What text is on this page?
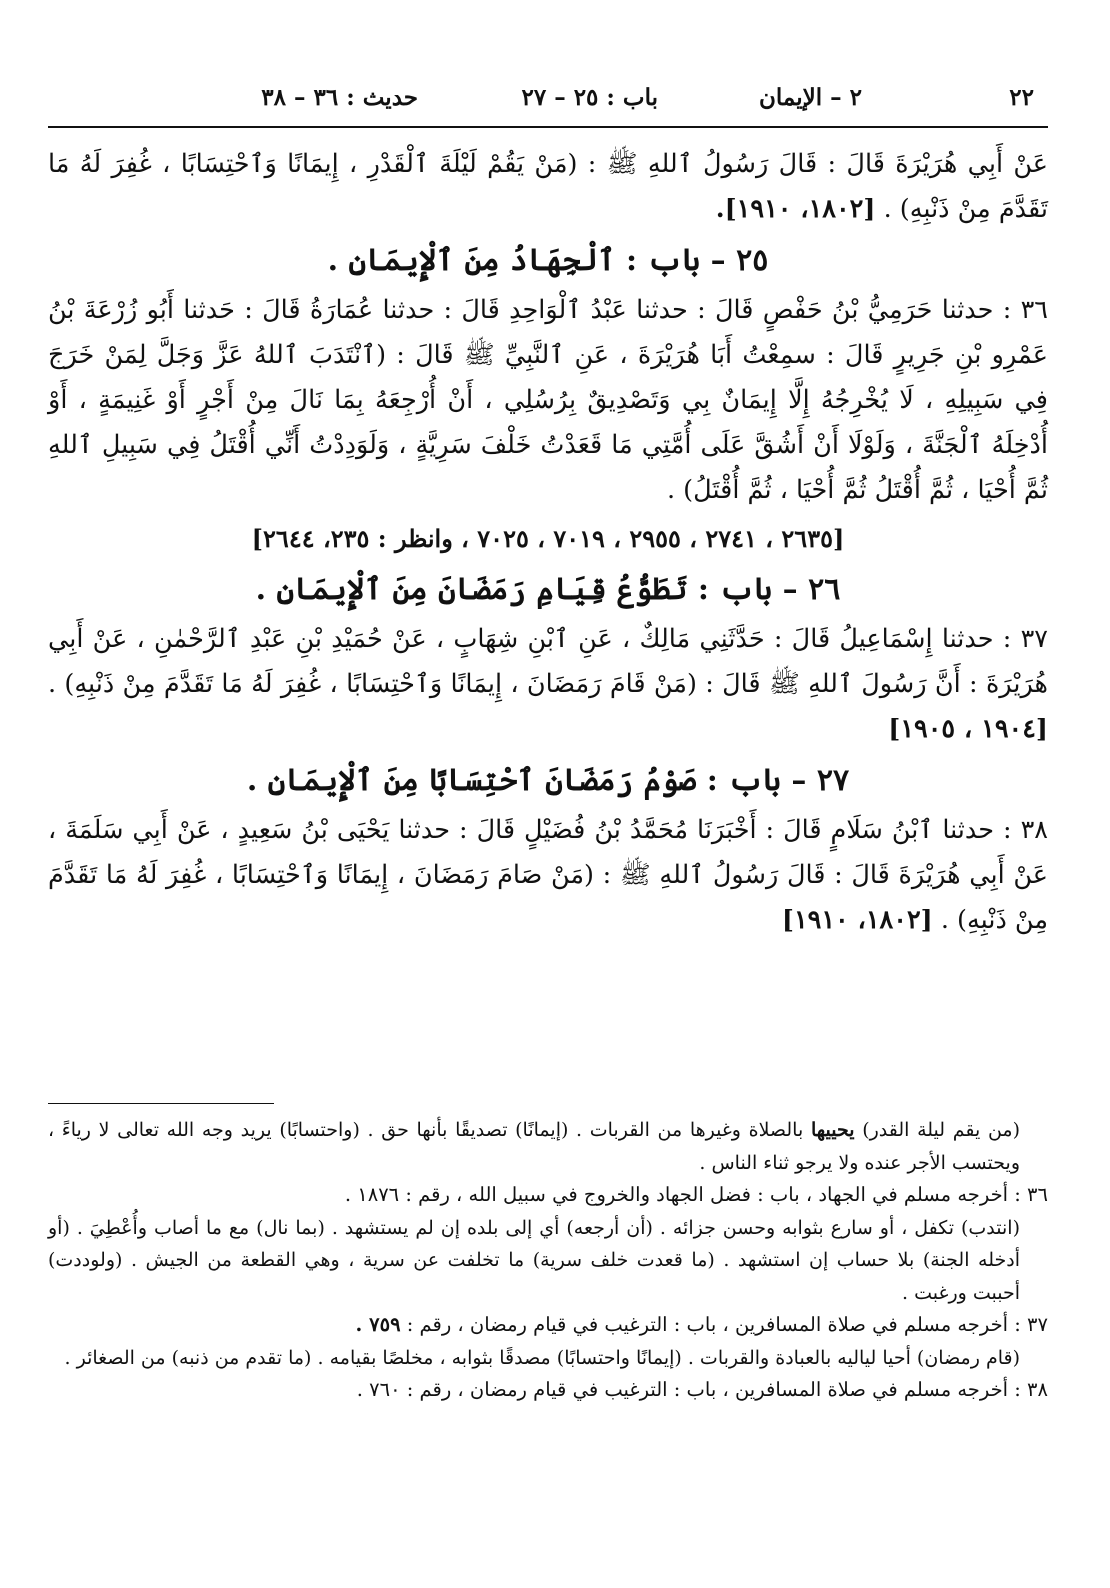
٢٢
٢ – الإيمان
باب : ٢٥ – ٢٧
حديث : ٣٦ – ٣٨

عَنْ أَبِي هُرَيْرَةَ قَالَ : قَالَ رَسُولُ ٱللهِ ﷺ : (مَنْ يَقُمْ لَيْلَةَ ٱلْقَدْرِ ، إِيمَانًا وَٱحْتِسَابًا ، غُفِرَ لَهُ مَا تَقَدَّمَ مِنْ ذَنْبِهِ) . [١٨٠٢، ١٩١٠].

٢٥ – باب : ٱلْجِهَادُ مِنَ ٱلْإِيمَانِ .

٣٦ : حدثنا حَرَمِيُّ بْنُ حَفْصٍ قَالَ : حدثنا عَبْدُ ٱلْوَاحِدِ قَالَ : حدثنا عُمَارَةُ قَالَ : حَدثنا أَبُو زُرْعَةَ بْنُ عَمْرِو بْنِ جَرِيرٍ قَالَ : سمِعْتُ أَبَا هُرَيْرَةَ ، عَنِ ٱلنَّبِيِّ ﷺ قَالَ : (ٱنْتَدَبَ ٱللهُ عَزَّ وَجَلَّ لِمَنْ خَرَجَ فِي سَبِيلِهِ ، لَا يُخْرِجُهُ إِلَّا إِيمَانٌ بِي وَتَصْدِيقٌ بِرُسُلِي ، أَنْ أُرْجِعَهُ بِمَا نَالَ مِنْ أَجْرٍ أَوْ غَنِيمَةٍ ، أَوْ أُدْخِلَهُ ٱلْجَنَّةَ ، وَلَوْلَا أَنْ أَشُقَّ عَلَى أُمَّتِي مَا قَعَدْتُ خَلْفَ سَرِيَّةٍ ، وَلَوَدِدْتُ أَنِّي أُقْتَلُ فِي سَبِيلِ ٱللهِ ثُمَّ أُحْيَا ، ثُمَّ أُقْتَلُ ثُمَّ أُحْيَا ، ثُمَّ أُقْتَلُ) .

[٢٦٣٥ ، ٢٧٤١ ، ٢٩٥٥ ، ٧٠١٩ ، ٧٠٢٥ ، وانظر : ٢٣٥، ٢٦٤٤]
٢٦ – باب : تَطَوُّعُ قِيَامِ رَمَضَانَ مِنَ ٱلْإِيمَانِ .

٣٧ : حدثنا إِسْمَاعِيلُ قَالَ : حَدَّثَنِي مَالِكٌ ، عَنِ ٱبْنِ شِهَابٍ ، عَنْ حُمَيْدِ بْنِ عَبْدِ ٱلرَّحْمٰنِ ، عَنْ أَبِي هُرَيْرَةَ : أَنَّ رَسُولَ ٱللهِ ﷺ قَالَ : (مَنْ قَامَ رَمَضَانَ ، إِيمَانًا وَٱحْتِسَابًا ، غُفِرَ لَهُ مَا تَقَدَّمَ مِنْ ذَنْبِهِ) . [١٩٠٤ ، ١٩٠٥]

٢٧ – باب : صَوْمُ رَمَضَانَ ٱحْتِسَابًا مِنَ ٱلْإِيمَانِ .

٣٨ : حدثنا ٱبْنُ سَلَامٍ قَالَ : أَخْبَرَنَا مُحَمَّدُ بْنُ فُضَيْلٍ قَالَ : حدثنا يَحْيَى بْنُ سَعِيدٍ ، عَنْ أَبِي سَلَمَةَ ، عَنْ أَبِي هُرَيْرَةَ قَالَ : قَالَ رَسُولُ ٱللهِ ﷺ : (مَنْ صَامَ رَمَضَانَ ، إِيمَانًا وَٱحْتِسَابًا ، غُفِرَ لَهُ مَا تَقَدَّمَ مِنْ ذَنْبِهِ) . [١٨٠٢، ١٩١٠]

(من يقم ليلة القدر) يحييها بالصلاة وغيرها من القربات . (إيمانًا) تصديقًا بأنها حق . (واحتسابًا) يريد وجه الله تعالى لا رياءً ، ويحتسب الأجر عنده ولا يرجو ثناء الناس .

٣٦ : أخرجه مسلم في الجهاد ، باب : فضل الجهاد والخروج في سبيل الله ، رقم : ١٨٧٦ .

(انتدب) تكفل ، أو سارع بثوابه وحسن جزائه . (أن أرجعه) أي إلى بلده إن لم يستشهد . (بما نال) مع ما أصاب وأُعْطِيَ . (أو أدخله الجنة) بلا حساب إن استشهد . (ما قعدت خلف سرية) ما تخلفت عن سرية ، وهي القطعة من الجيش . (ولوددت) أحببت ورغبت .

٣٧ : أخرجه مسلم في صلاة المسافرين ، باب : الترغيب في قيام رمضان ، رقم : ٧٥٩ .

(قام رمضان) أحيا لياليه بالعبادة والقربات . (إيمانًا واحتسابًا) مصدقًا بثوابه ، مخلصًا بقيامه . (ما تقدم من ذنبه) من الصغائر .

٣٨ : أخرجه مسلم في صلاة المسافرين ، باب : الترغيب في قيام رمضان ، رقم : ٧٦٠ .
